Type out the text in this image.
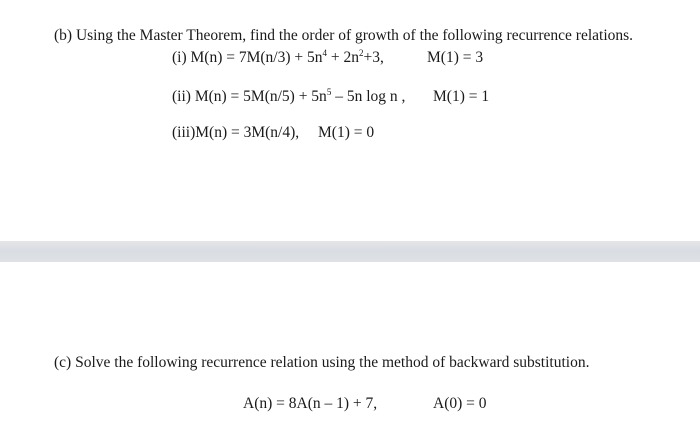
(b) Using the Master Theorem, find the order of growth of the following recurrence relations.
(i) $M(n) = 7M(n/3) + 5n^4 + 2n^2+3$,	M(1) = 3
(ii) $M(n) = 5M(n/5) + 5n^5 - 5n$ log n , M(1) = 1
(iii)M(n) = 3M(n/4), M(1) = 0
(c) Solve the following recurrence relation using the method of backward substitution.
A(n) = 8A(n – 1) + 7,	A(0) = 0
